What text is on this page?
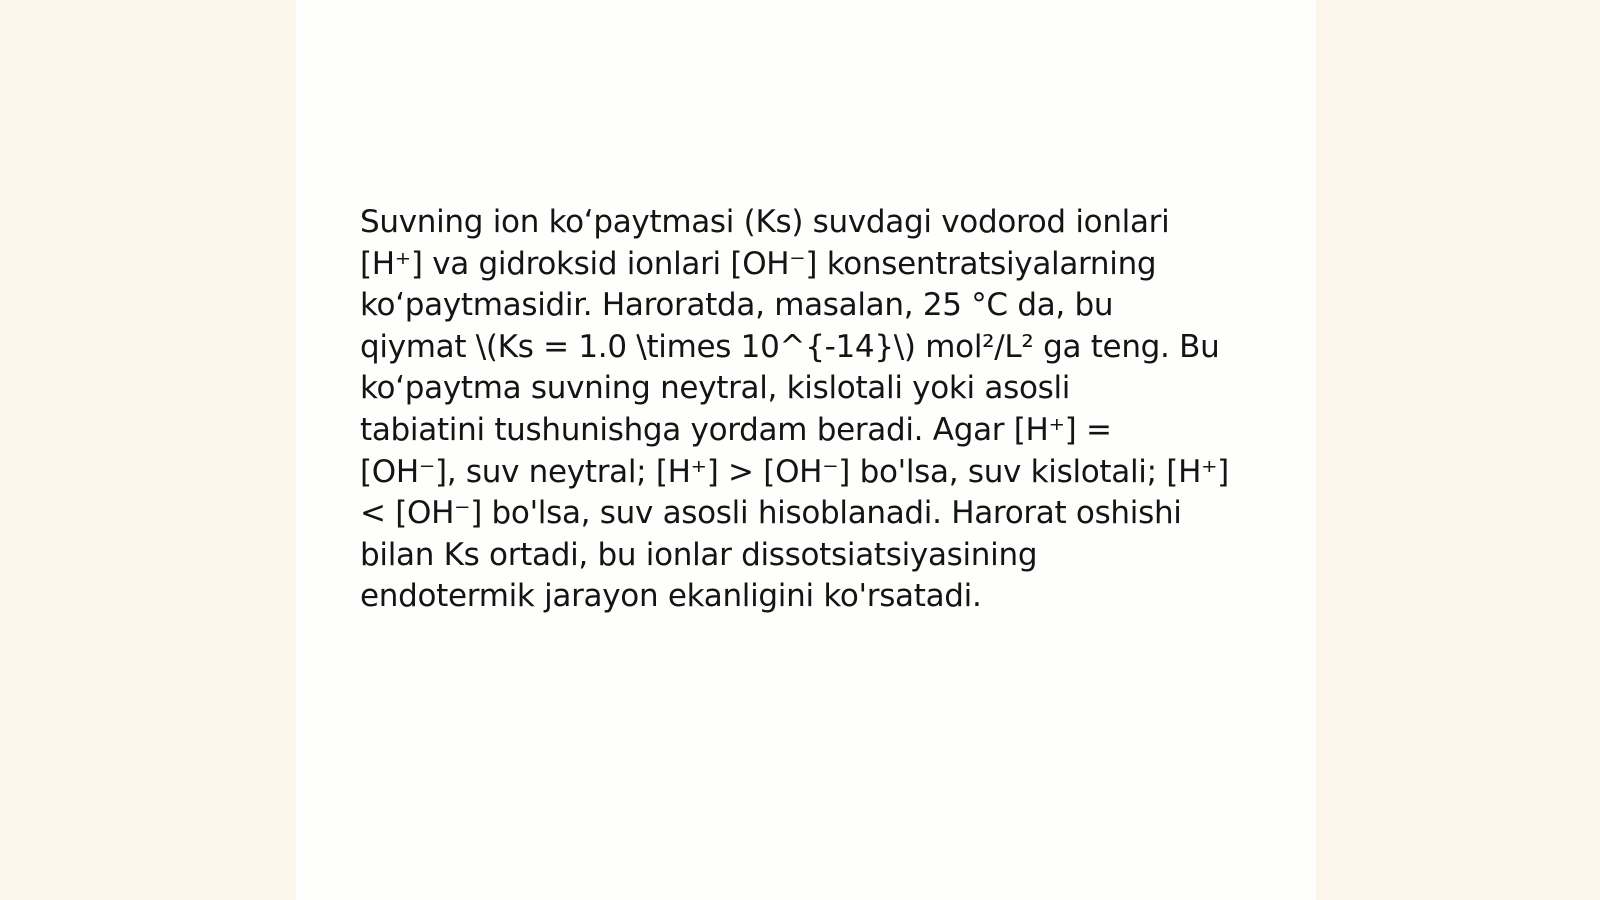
Suvning ion koʻpaytmasi (Ks) suvdagi vodorod ionlari
[H⁺] va gidroksid ionlari [OH⁻] konsentratsiyalarning
koʻpaytmasidir. Haroratda, masalan, 25 °C da, bu
qiymat \(Ks = 1.0 \times 10^{-14}\) mol²/L² ga teng. Bu
koʻpaytma suvning neytral, kislotali yoki asosli
tabiatini tushunishga yordam beradi. Agar [H⁺] =
[OH⁻], suv neytral; [H⁺] > [OH⁻] bo'lsa, suv kislotali; [H⁺]
< [OH⁻] bo'lsa, suv asosli hisoblanadi. Harorat oshishi
bilan Ks ortadi, bu ionlar dissotsiatsiyasining
endotermik jarayon ekanligini ko'rsatadi.
